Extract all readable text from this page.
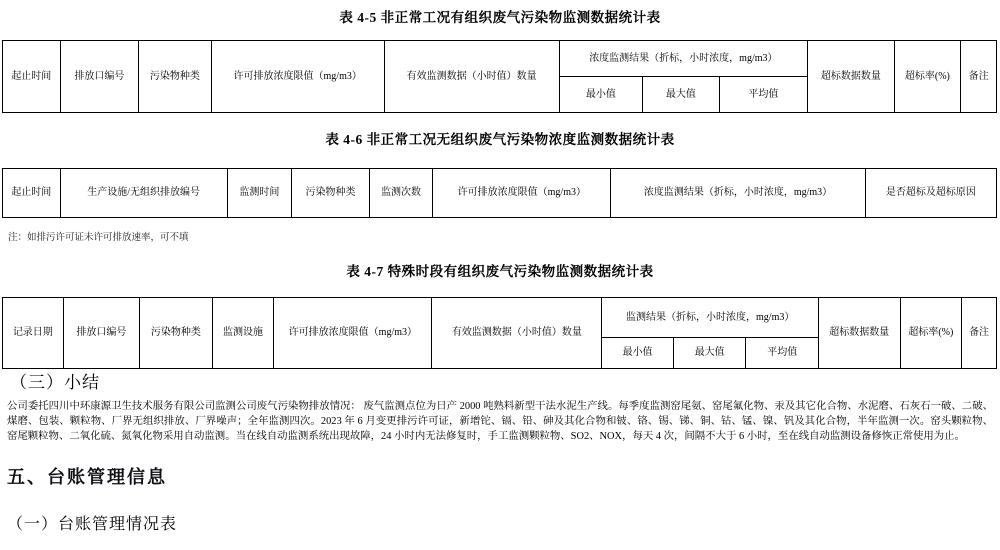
表 4-5 非正常工况有组织废气污染物监测数据统计表
起止时间	排放口编号	污染物种类	许可排放浓度限值（mg/m3）	有效监测数据（小时值）数量	浓度监测结果（折标，小时浓度，mg/m3）			超标数据数量	超标率(%)	备注
					最小值	最大值	平均值			
表 4-6 非正常工况无组织废气污染物浓度监测数据统计表
起止时间	生产设施/无组织排放编号	监测时间	污染物种类	监测次数	许可排放浓度限值（mg/m3）	浓度监测结果（折标，小时浓度，mg/m3）	是否超标及超标原因
注：如排污许可证未许可排放速率，可不填
表 4-7 特殊时段有组织废气污染物监测数据统计表
记录日期	排放口编号	污染物种类	监测设施	许可排放浓度限值（mg/m3）	有效监测数据（小时值）数量	监测结果（折标，小时浓度，mg/m3）			超标数据数量	超标率(%)	备注
						最小值	最大值	平均值			
（三）小结
公司委托四川中环康源卫生技术服务有限公司监测公司废气污染物排放情况： 废气监测点位为日产 2000 吨熟料新型干法水泥生产线。每季度监测窑尾氨、窑尾氟化物、汞及其它化合物、水泥磨、石灰石一破、二破、煤磨、包装、颗粒物、厂界无组织排放、厂界噪声；全年监测四次。2023 年 6 月变更排污许可证，新增铊、镉、铅、砷及其化合物和铍、铬、锡、锑、铜、钴、锰、镍、钒及其化合物，半年监测一次。窑头颗粒物、窑尾颗粒物、二氧化硫、氮氧化物采用自动监测。当在线自动监测系统出现故障，24 小时内无法修复时，手工监测颗粒物、SO2、NOX，每天 4 次，间隔不大于 6 小时，至在线自动监测设备修恢正常使用为止。
五、台账管理信息
（一）台账管理情况表
